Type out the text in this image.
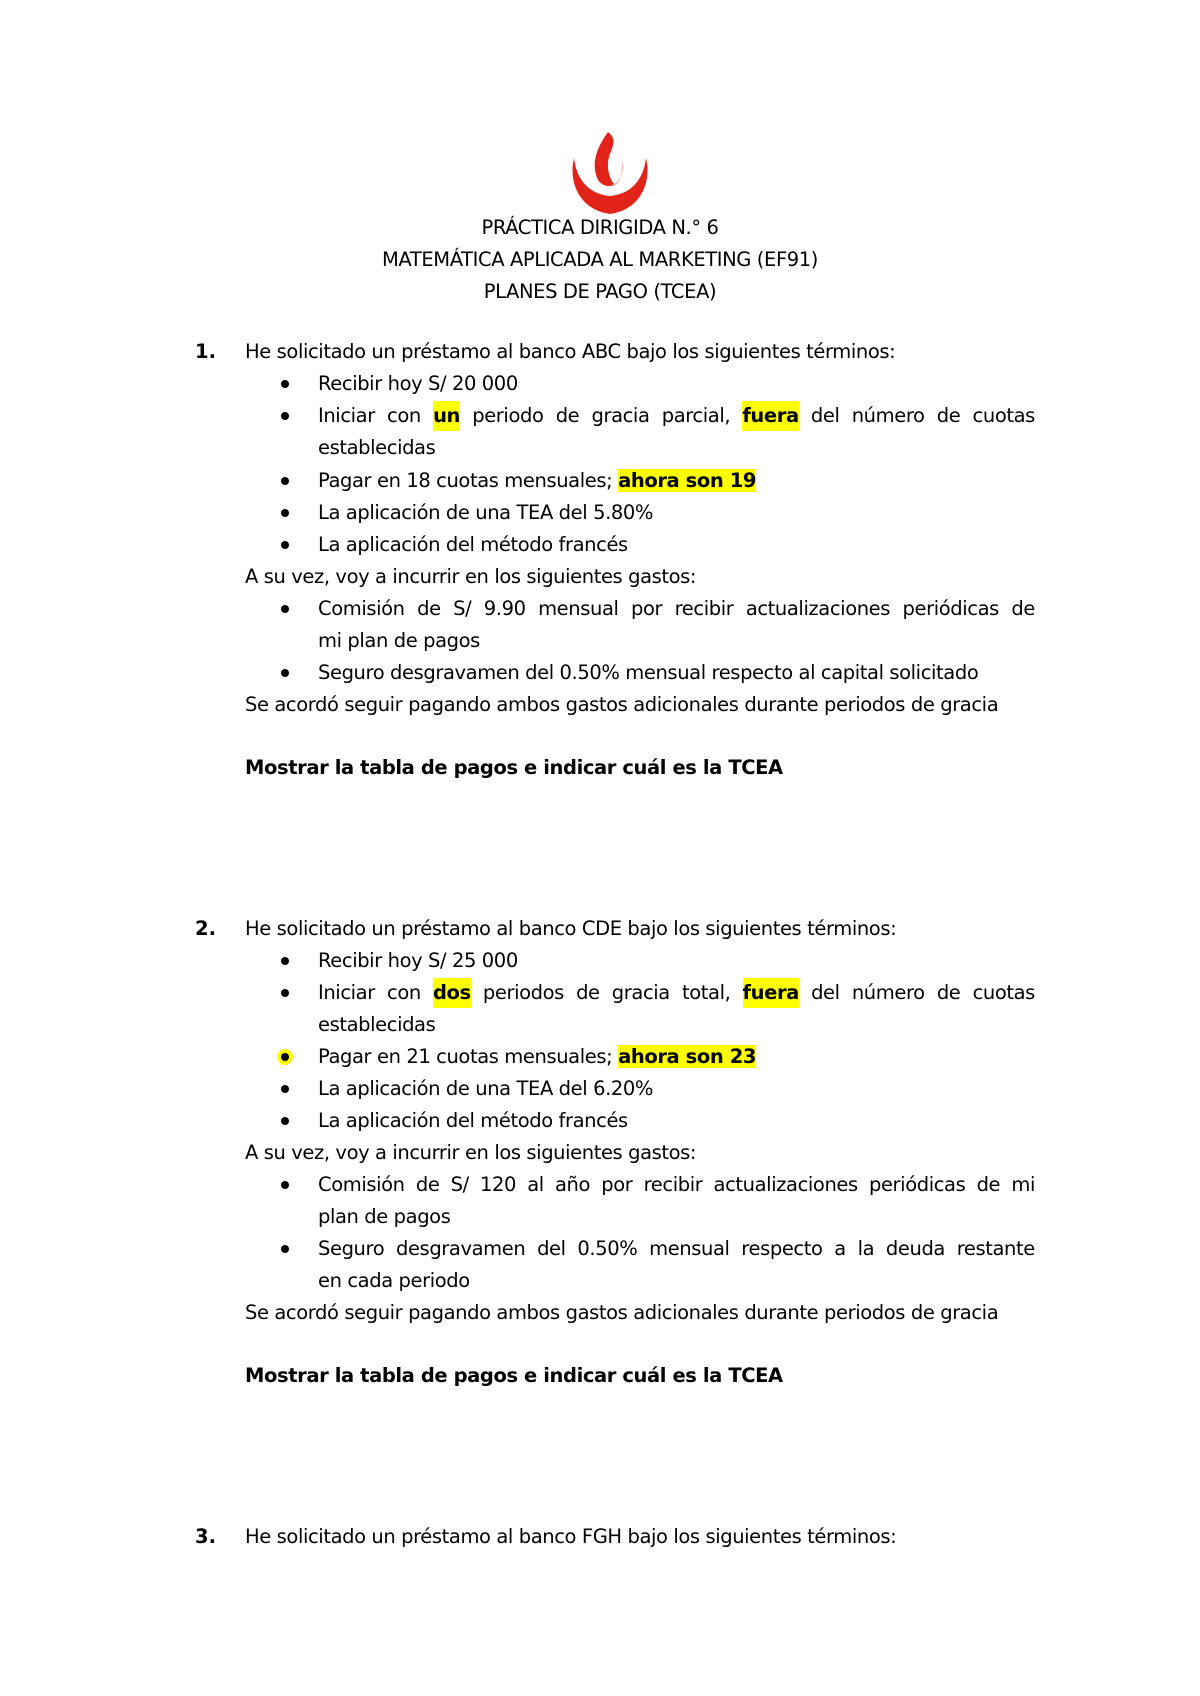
PRÁCTICA DIRIGIDA N.° 6
MATEMÁTICA APLICADA AL MARKETING (EF91)
PLANES DE PAGO (TCEA)
1. He solicitado un préstamo al banco ABC bajo los siguientes términos:
Recibir hoy S/ 20 000
Iniciar con un periodo de gracia parcial, fuera del número de cuotas
establecidas
Pagar en 18 cuotas mensuales; ahora son 19
La aplicación de una TEA del 5.80%
La aplicación del método francés
A su vez, voy a incurrir en los siguientes gastos:
Comisión de S/ 9.90 mensual por recibir actualizaciones periódicas de
mi plan de pagos
Seguro desgravamen del 0.50% mensual respecto al capital solicitado
Se acordó seguir pagando ambos gastos adicionales durante periodos de gracia
Mostrar la tabla de pagos e indicar cuál es la TCEA
2. He solicitado un préstamo al banco CDE bajo los siguientes términos:
Recibir hoy S/ 25 000
Iniciar con dos periodos de gracia total, fuera del número de cuotas
establecidas
Pagar en 21 cuotas mensuales; ahora son 23
La aplicación de una TEA del 6.20%
La aplicación del método francés
A su vez, voy a incurrir en los siguientes gastos:
Comisión de S/ 120 al año por recibir actualizaciones periódicas de mi
plan de pagos
Seguro desgravamen del 0.50% mensual respecto a la deuda restante
en cada periodo
Se acordó seguir pagando ambos gastos adicionales durante periodos de gracia
Mostrar la tabla de pagos e indicar cuál es la TCEA
3. He solicitado un préstamo al banco FGH bajo los siguientes términos:
